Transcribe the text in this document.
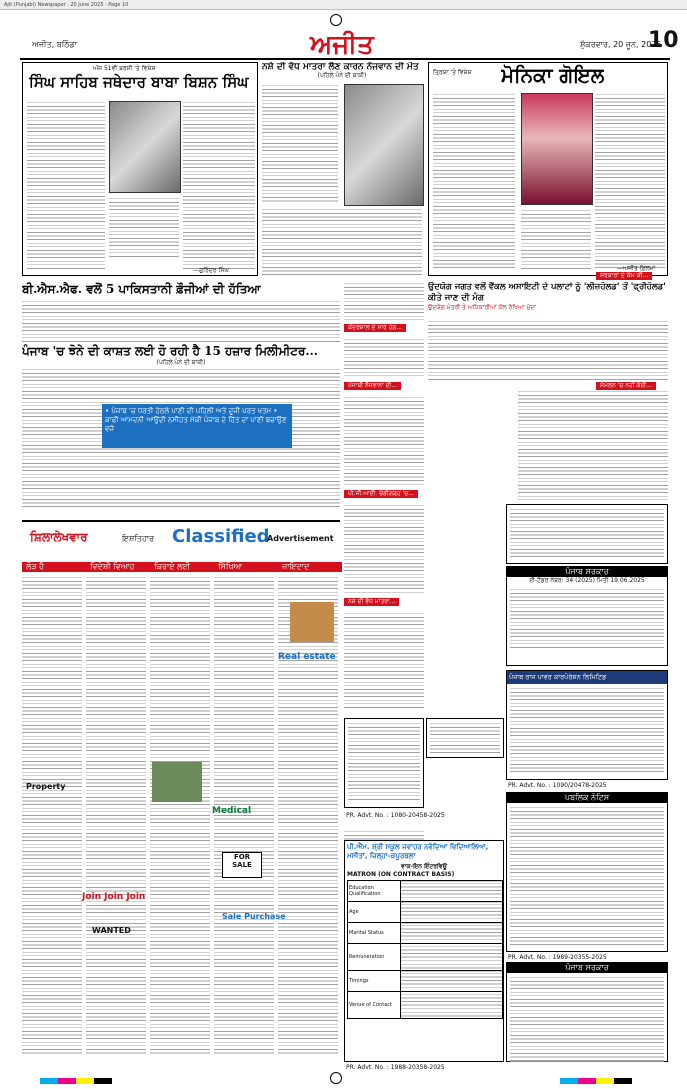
Ajit (Punjabi) Newspaper · 20 June 2025 · Page 10
ਅਜੀਤ, ਬਠਿੰਡਾ	ਅਜੀਤ	ਸ਼ੁੱਕਰਵਾਰ, 20 ਜੂਨ, 2025
10
ਅੱਜ 51ਵੀਂ ਬਰਸੀ 'ਤੇ ਵਿਸ਼ੇਸ਼
ਸਿੰਘ ਸਾਹਿਬ ਜਥੇਦਾਰ ਬਾਬਾ ਬਿਸ਼ਨ ਸਿੰਘ
—ਗੁਰਿੰਦਰ ਸਿੰਘ
ਨਸ਼ੇ ਦੀ ਵੱਧ ਮਾਤਰਾ ਲੈਣ ਕਾਰਨ ਨੌਜਵਾਨ ਦੀ ਮੌਤ
(ਪਹਿਲੇ ਪੰਨੇ ਦੀ ਬਾਕੀ)	ਤ੍ਰਿਯਾ 'ਤੇ ਵਿਸ਼ੇਸ਼ ਮੋਨਿਕਾ ਗੋਇਲ
—ਅਜੀਤ ਫ਼ਿਲਮਾਂ
ਬੀ.ਐਸ.ਐਫ. ਵਲੋਂ 5 ਪਾਕਿਸਤਾਨੀ ਫ਼ੌਜੀਆਂ ਦੀ ਹੱਤਿਆ
ਪੰਜਾਬ 'ਚ ਝੋਨੇ ਦੀ ਕਾਸ਼ਤ ਲਈ ਹੋ ਰਹੀ ਹੈ 15 ਹਜ਼ਾਰ ਮਿਲੀਮੀਟਰ...
(ਪਹਿਲੇ ਪੰਨੇ ਦੀ ਬਾਕੀ)
• ਪੰਜਾਬ 'ਚ ਧਰਤੀ ਹੇਠਲੇ ਪਾਣੀ ਦੀ ਪਹਿਲੀ ਅਤੇ ਦੂਜੀ ਪਰਤ ਖਤਮ • ਕਾਫੀ ਆਮਦਨੀ ਆਉਂਦੀ ਨਸੀਹਤ ਮੱਕੀ ਪੰਜਾਬ ਦੇ ਹਿੱਤ ਦਾ ਪਾਣੀ ਬਚਾਉਣ ਵਜੋਂ
ਕੇਂਦਰਸ਼ਾਲ ਦੇ ਸਾਰੇ ਹੇਠ...
ਪੰਜਾਬੀ ਨੌਜਵਾਨਾਂ ਦੀ...
ਪੀ.ਜੀ.ਆਈ. ਚੰਡੀਗੜ੍ਹ 'ਚ...
ਨਸ਼ੇ ਦੀ ਵੱਧ ਮਾਤਰਾ...
ਉਦਯੋਗ ਜਗਤ ਵਲੋਂ ਵੈਂਕਲ ਅਸਾਇਟੀ ਦੇ ਪਲਾਟਾਂ ਨੂੰ 'ਲੀਜ਼ਹੋਲਡ' ਤੋਂ 'ਫ੍ਰੀਹੋਲਡ' ਕੀਤੇ ਜਾਣ ਦੀ ਮੰਗ
ਉਦਯੋਗ ਮੰਤਰੀ ਤੇ ਅਧਿਕਾਰੀਆਂ ਕੋਲ ਰੱਖਿਆ ਮੁੱਦਾ
ਸਰਕਾਰਾਂ ਦੇ ਕੰਮ ਕੀ...
ਸੰਮੇਲਨ 'ਚ ਨਹੀਂ ਕੋਈ...
ਸ਼ਿਲਾਲੇਖਵਾਰ	ਇਸ਼ਤਿਹਾਰ Classified
Advertisement
ਲੋੜ ਹੈ	ਵਿਦੇਸ਼ੀ ਵਿਆਹ	ਕਿਰਾਏ ਲਈ	ਸਿੱਖਿਆ	ਜਾਇਦਾਦ
Real estate
Medical
FOR SALE
Join Join Join
Sale Purchase
WANTED
Property
PR. Advt. No. : 1080-20458-2025
ਪੰਜਾਬ ਸਰਕਾਰ
ਈ-ਟੈਂਡਰ ਨੰਬਰ: 34 (2025) ਮਿਤੀ 19.06.2025
ਪੰਜਾਬ ਰਾਜ ਪਾਵਰ ਕਾਰਪੋਰੇਸ਼ਨ ਲਿਮਿਟਿਡ
PR. Advt. No. : 1090/20478-2025
ਪਬਲਿਕ ਨੋਟਿਸ
PR. Advt. No. : 1989-20355-2025
ਪੰਜਾਬ ਸਰਕਾਰ
ਪੀ.ਐੱਮ. ਸ਼੍ਰੀ ਸਕੂਲ ਜਵਾਹਰ ਨਵੋਦਿਆ ਵਿਦਿਆਲਿਆ, ਮਸੀਤਾਂ, ਜ਼ਿਲ੍ਹਾ-ਕਪੂਰਥਲਾ
ਵਾਕ-ਇਨ ਇੰਟਰਵਿਊ
MATRON (ON CONTRACT BASIS)
Education Qualification	
Age	
Marital Status	
Remuneration	
Timings	
Venue of Contact	
PR. Advt. No. : 1988-20358-2025
